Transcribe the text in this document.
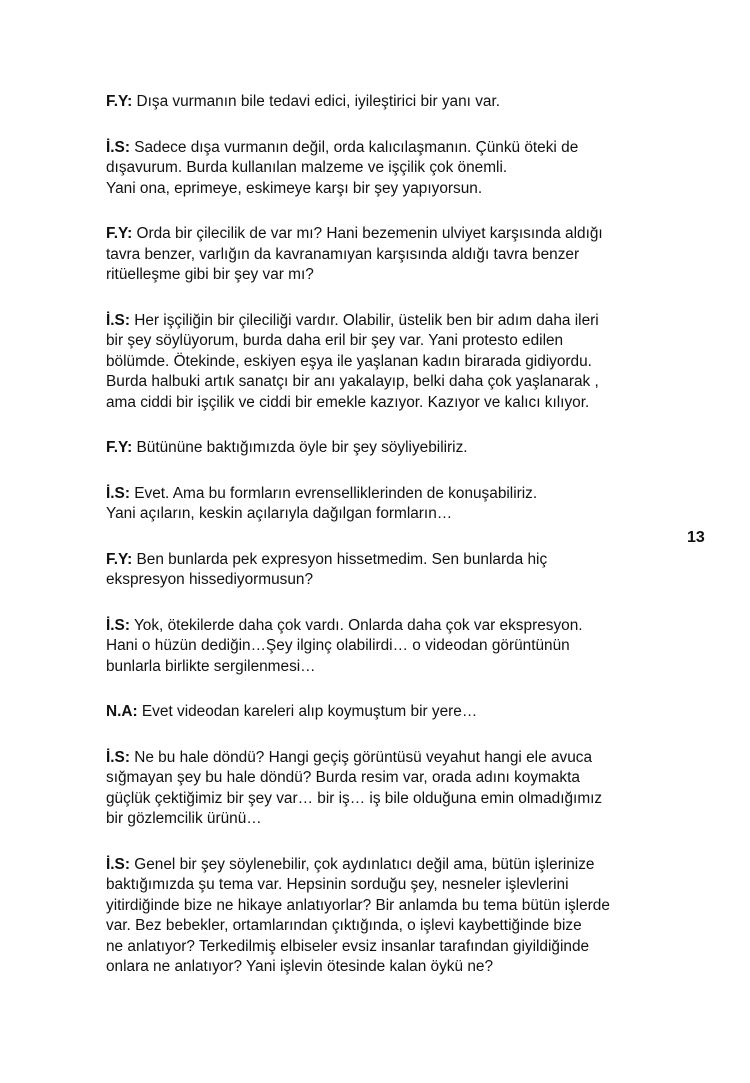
F.Y: Dışa vurmanın bile tedavi edici, iyileştirici bir yanı var.

İ.S: Sadece dışa vurmanın değil, orda kalıcılaşmanın. Çünkü öteki de
dışavurum. Burda kullanılan malzeme ve işçilik çok önemli.
Yani ona, eprimeye, eskimeye karşı bir şey yapıyorsun.

F.Y: Orda bir çilecilik de var mı? Hani bezemenin ulviyet karşısında aldığı
tavra benzer, varlığın da kavranamıyan karşısında aldığı tavra benzer
ritüelleşme gibi bir şey var mı?

İ.S: Her işçiliğin bir çileciliği vardır. Olabilir, üstelik ben bir adım daha ileri
bir şey söylüyorum, burda daha eril bir şey var. Yani protesto edilen
bölümde. Ötekinde, eskiyen eşya ile yaşlanan kadın birarada gidiyordu.
Burda halbuki artık sanatçı bir anı yakalayıp, belki daha çok yaşlanarak ,
ama ciddi bir işçilik ve ciddi bir emekle kazıyor. Kazıyor ve kalıcı kılıyor.

F.Y: Bütününe baktığımızda öyle bir şey söyliyebiliriz.

İ.S: Evet. Ama bu formların evrenselliklerinden de konuşabiliriz.
Yani açıların, keskin açılarıyla dağılgan formların…

F.Y: Ben bunlarda pek expresyon hissetmedim. Sen bunlarda hiç
ekspresyon hissediyormusun?

İ.S: Yok, ötekilerde daha çok vardı. Onlarda daha çok var ekspresyon.
Hani o hüzün dediğin…Şey ilginç olabilirdi… o videodan görüntünün
bunlarla birlikte sergilenmesi…

N.A: Evet videodan kareleri alıp koymuştum bir yere…

İ.S: Ne bu hale döndü? Hangi geçiş görüntüsü veyahut hangi ele avuca
sığmayan şey bu hale döndü? Burda resim var, orada adını koymakta
güçlük çektiğimiz bir şey var… bir iş… iş bile olduğuna emin olmadığımız
bir gözlemcilik ürünü…

İ.S: Genel bir şey söylenebilir, çok aydınlatıcı değil ama, bütün işlerinize
baktığımızda şu tema var. Hepsinin sorduğu şey, nesneler işlevlerini
yitirdiğinde bize ne hikaye anlatıyorlar? Bir anlamda bu tema bütün işlerde
var. Bez bebekler, ortamlarından çıktığında, o işlevi kaybettiğinde bize
ne anlatıyor? Terkedilmiş elbiseler evsiz insanlar tarafından giyildiğinde
onlara ne anlatıyor? Yani işlevin ötesinde kalan öykü ne?

13
